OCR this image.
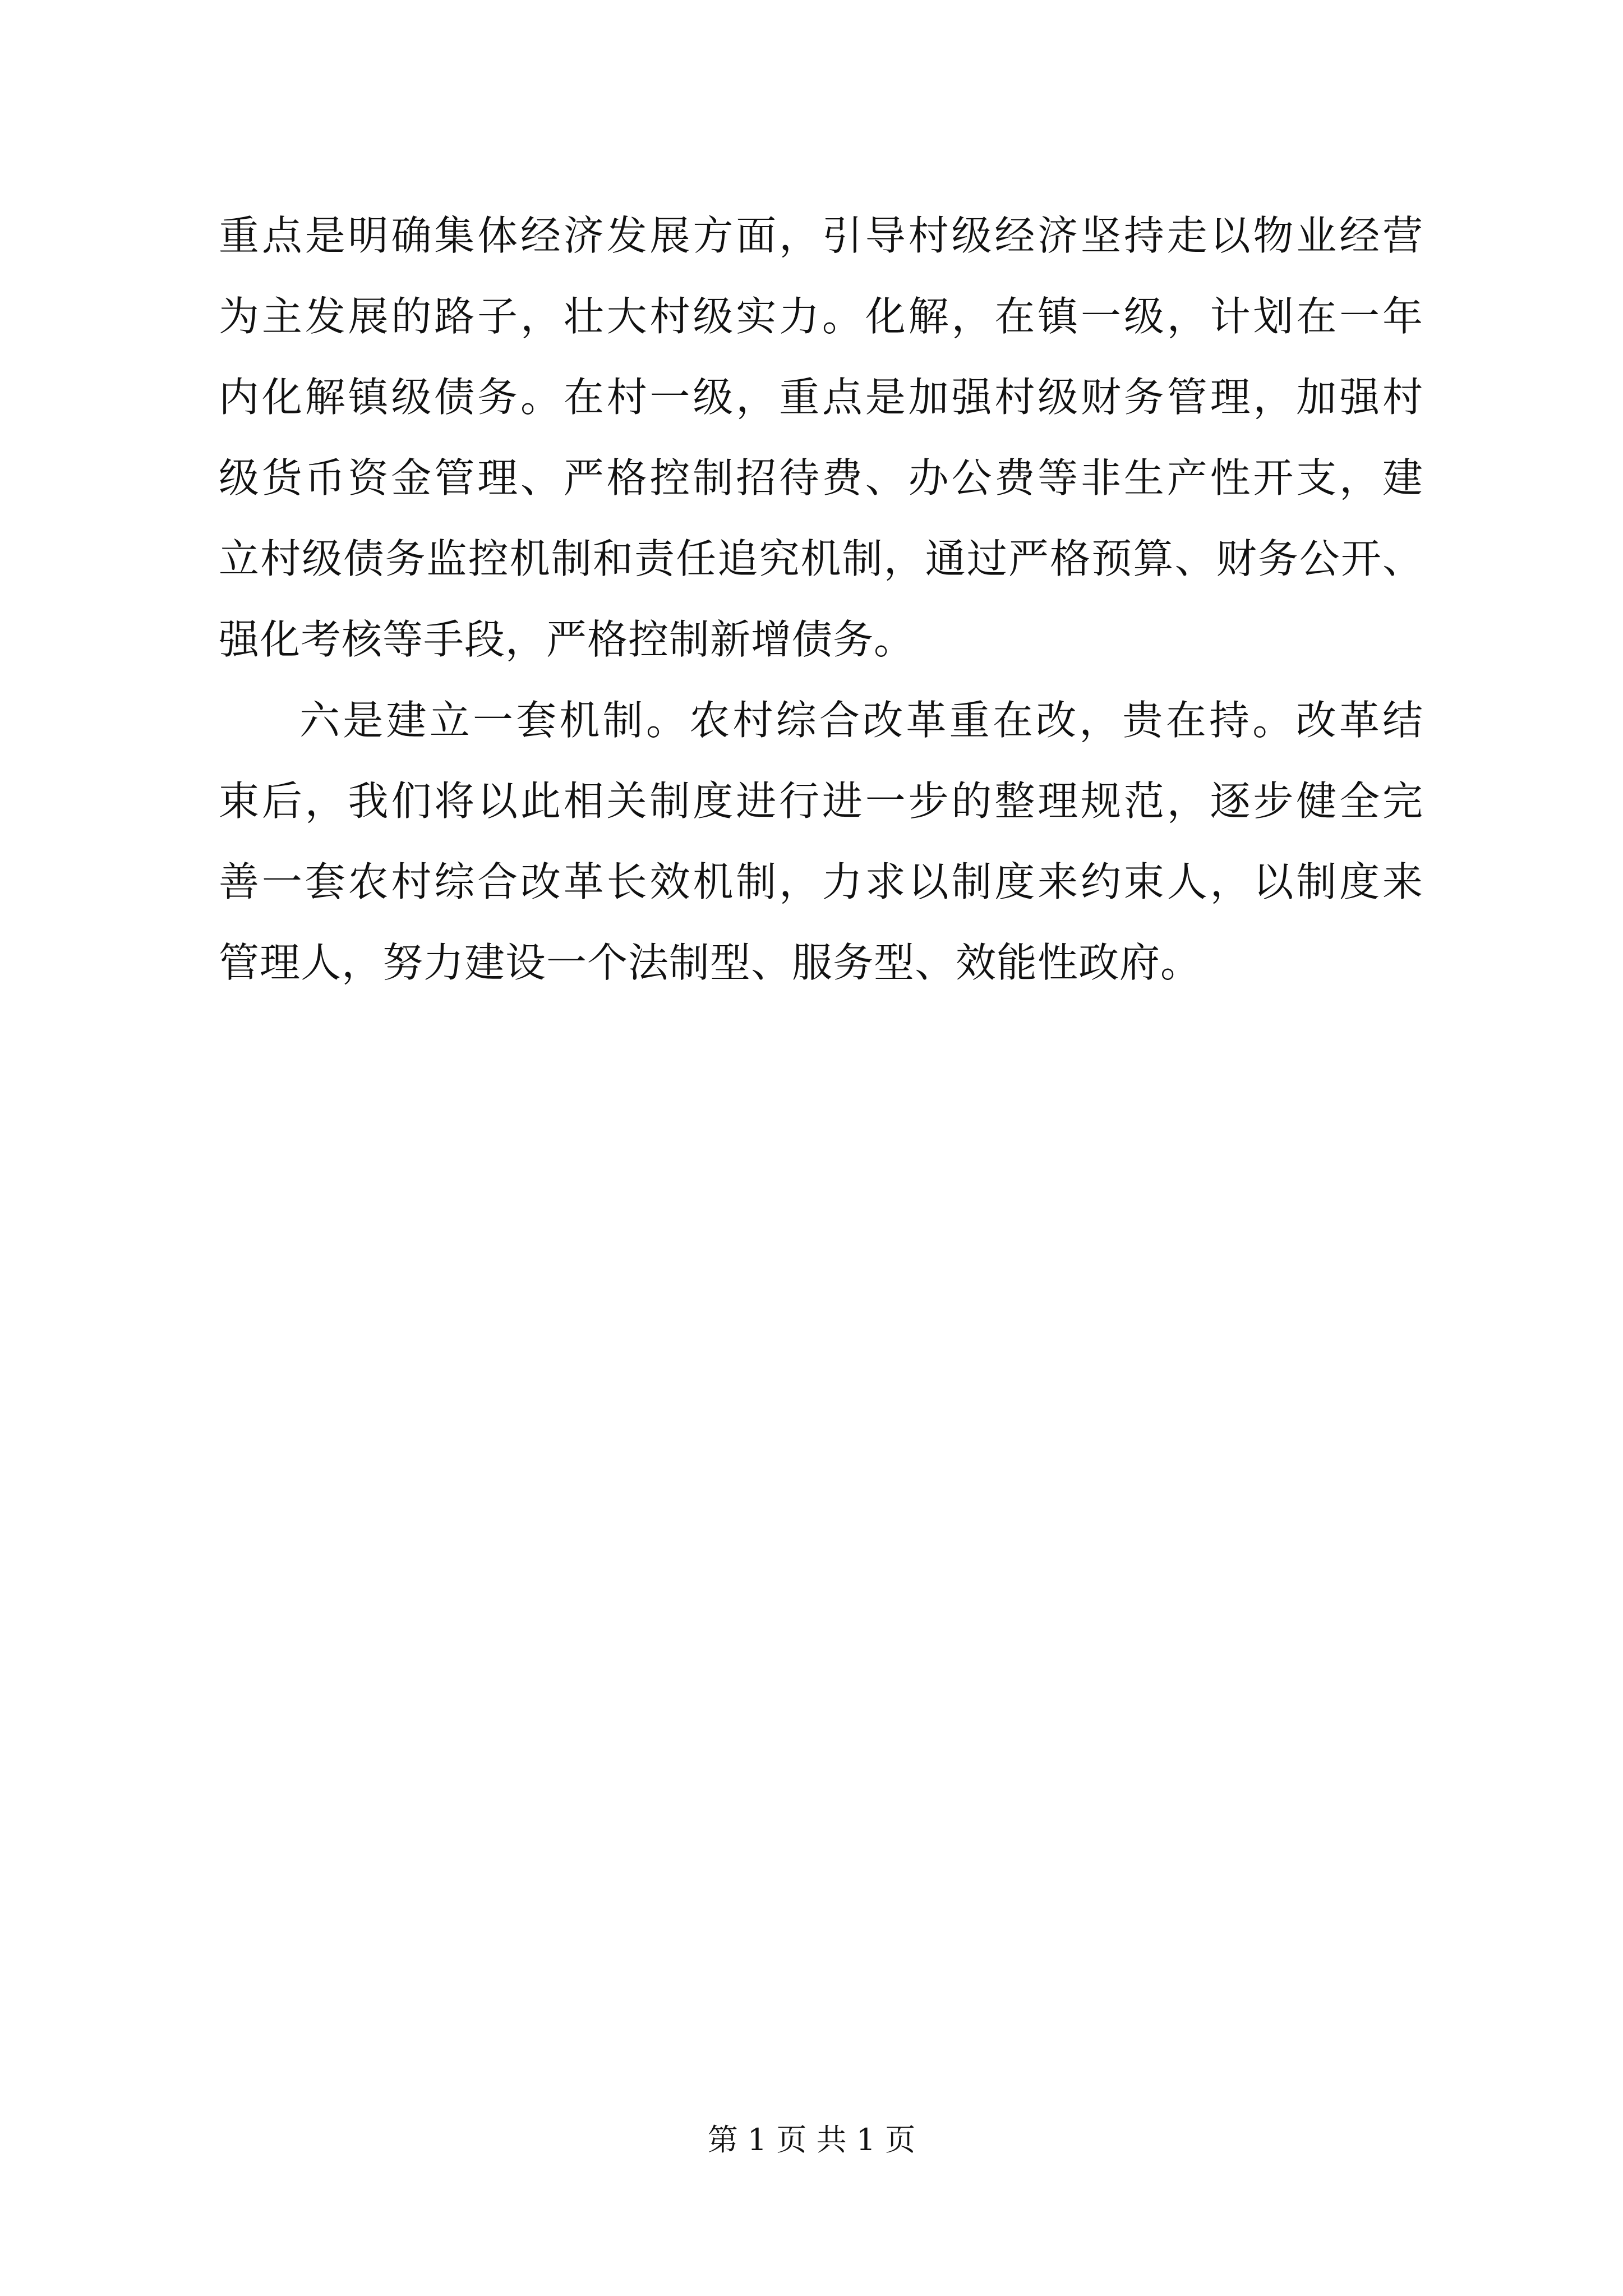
重点是明确集体经济发展方面，引导村级经济坚持走以物业经营
为主发展的路子，壮大村级实力。化解，在镇一级，计划在一年
内化解镇级债务。在村一级，重点是加强村级财务管理，加强村
级货币资金管理、严格控制招待费、办公费等非生产性开支，建
立村级债务监控机制和责任追究机制，通过严格预算、财务公开、
强化考核等手段，严格控制新增债务。
六是建立一套机制。农村综合改革重在改，贵在持。改革结
束后，我们将以此相关制度进行进一步的整理规范，逐步健全完
善一套农村综合改革长效机制，力求以制度来约束人，以制度来
管理人，努力建设一个法制型、服务型、效能性政府。
第 1 页 共 1 页
